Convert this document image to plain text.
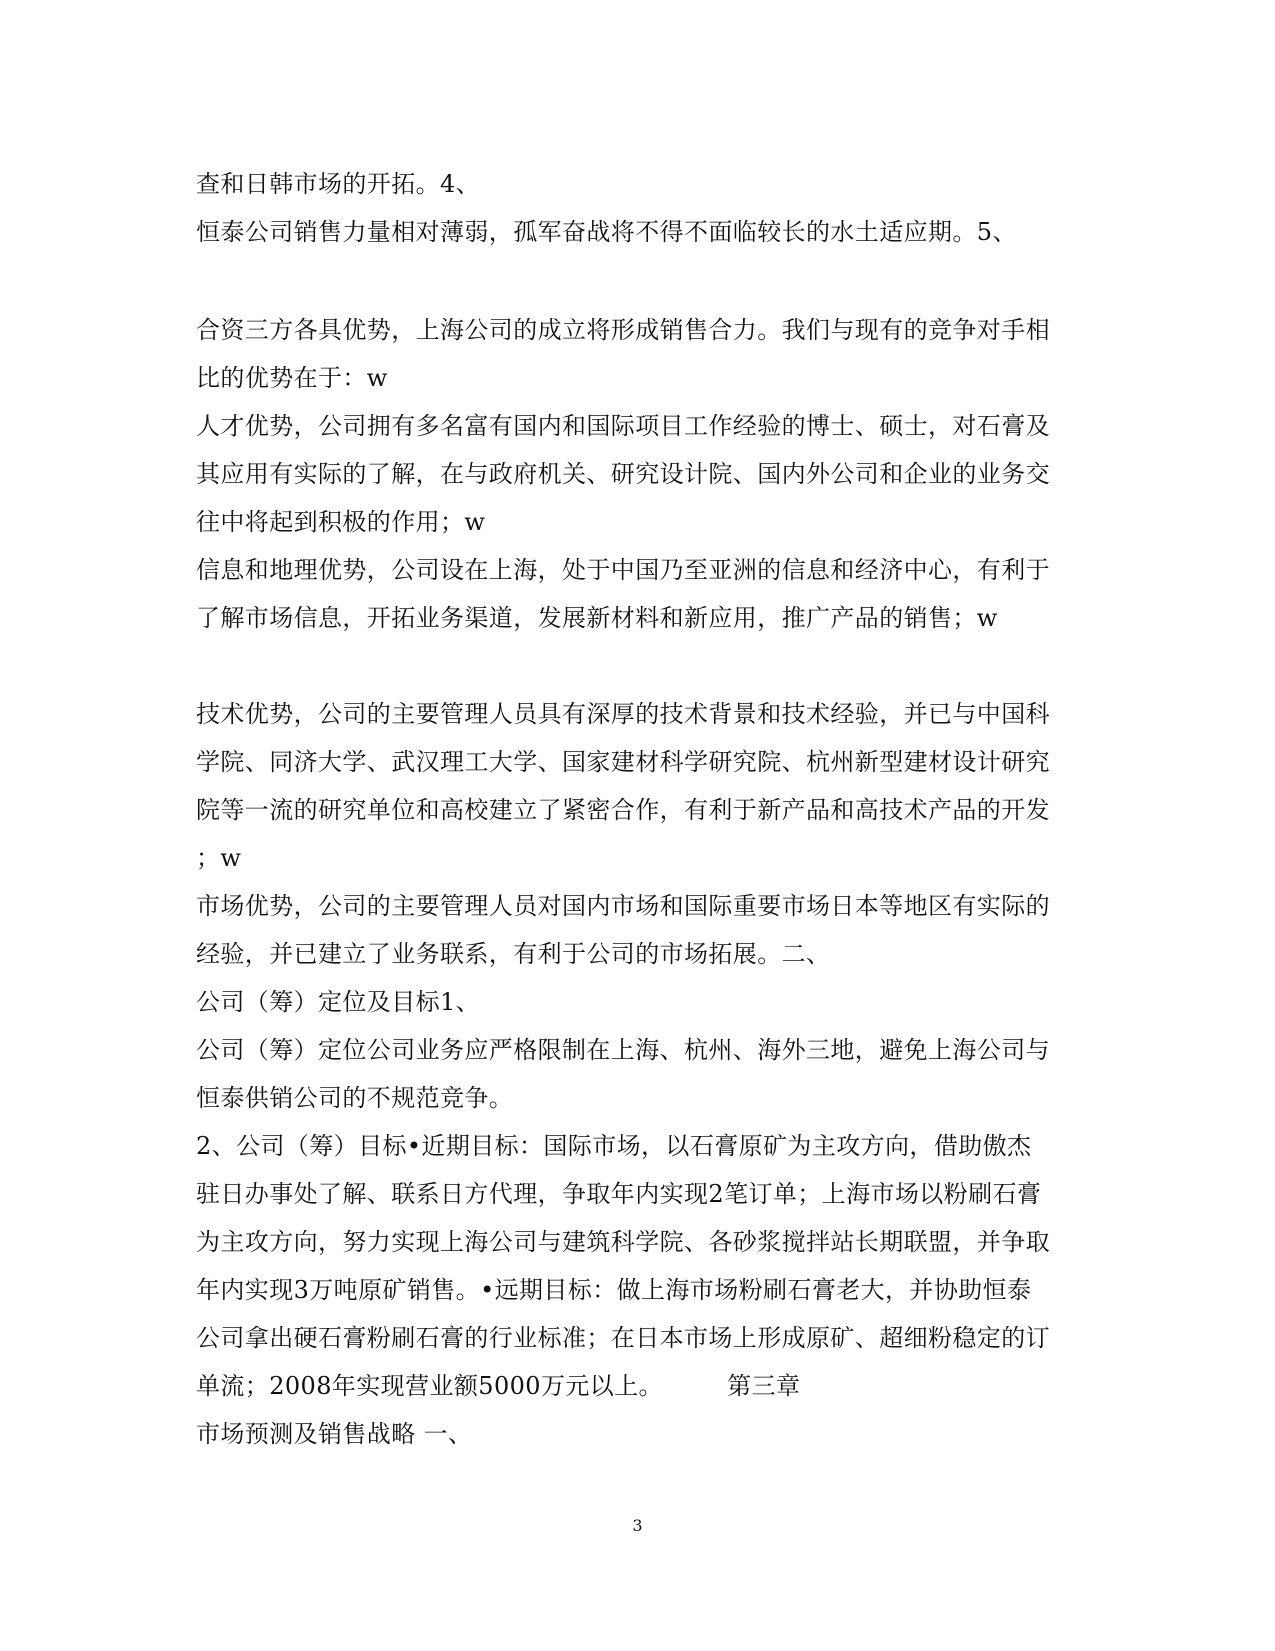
查和日韩市场的开拓。4、
恒泰公司销售力量相对薄弱，孤军奋战将不得不面临较长的水土适应期。5、
合资三方各具优势，上海公司的成立将形成销售合力。我们与现有的竞争对手相
比的优势在于：w
人才优势，公司拥有多名富有国内和国际项目工作经验的博士、硕士，对石膏及
其应用有实际的了解，在与政府机关、研究设计院、国内外公司和企业的业务交
往中将起到积极的作用；w
信息和地理优势，公司设在上海，处于中国乃至亚洲的信息和经济中心，有利于
了解市场信息，开拓业务渠道，发展新材料和新应用，推广产品的销售；w
技术优势，公司的主要管理人员具有深厚的技术背景和技术经验，并已与中国科
学院、同济大学、武汉理工大学、国家建材科学研究院、杭州新型建材设计研究
院等一流的研究单位和高校建立了紧密合作，有利于新产品和高技术产品的开发
；w
市场优势，公司的主要管理人员对国内市场和国际重要市场日本等地区有实际的
经验，并已建立了业务联系，有利于公司的市场拓展。二、
公司（筹）定位及目标1、
公司（筹）定位公司业务应严格限制在上海、杭州、海外三地，避免上海公司与
恒泰供销公司的不规范竞争。
2、公司（筹）目标•近期目标：国际市场，以石膏原矿为主攻方向，借助傲杰
驻日办事处了解、联系日方代理，争取年内实现2笔订单；上海市场以粉刷石膏
为主攻方向，努力实现上海公司与建筑科学院、各砂浆搅拌站长期联盟，并争取
年内实现3万吨原矿销售。•远期目标：做上海市场粉刷石膏老大，并协助恒泰
公司拿出硬石膏粉刷石膏的行业标准；在日本市场上形成原矿、超细粉稳定的订
单流；2008年实现营业额5000万元以上。        第三章
市场预测及销售战略 一、
3
